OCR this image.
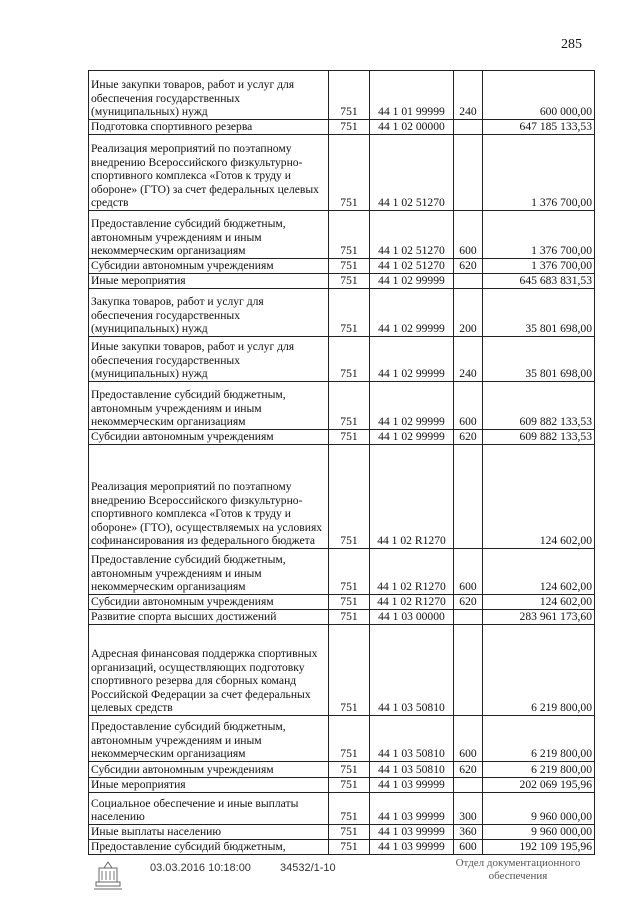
285
Иные закупки товаров, работ и услуг для обеспечения государственных (муниципальных) нужд	751	44 1 01 99999	240	600 000,00
Подготовка спортивного резерва	751	44 1 02 00000		647 185 133,53
Реализация мероприятий по поэтапному внедрению Всероссийского физкультурно-спортивного комплекса «Готов к труду и обороне» (ГТО) за счет федеральных целевых средств	751	44 1 02 51270		1 376 700,00
Предоставление субсидий бюджетным, автономным учреждениям и иным некоммерческим организациям	751	44 1 02 51270	600	1 376 700,00
Субсидии автономным учреждениям	751	44 1 02 51270	620	1 376 700,00
Иные мероприятия	751	44 1 02 99999		645 683 831,53
Закупка товаров, работ и услуг для обеспечения государственных (муниципальных) нужд	751	44 1 02 99999	200	35 801 698,00
Иные закупки товаров, работ и услуг для обеспечения государственных (муниципальных) нужд	751	44 1 02 99999	240	35 801 698,00
Предоставление субсидий бюджетным, автономным учреждениям и иным некоммерческим организациям	751	44 1 02 99999	600	609 882 133,53
Субсидии автономным учреждениям	751	44 1 02 99999	620	609 882 133,53
Реализация мероприятий по поэтапному внедрению Всероссийского физкультурно-спортивного комплекса «Готов к труду и обороне» (ГТО), осуществляемых на условиях софинансирования из федерального бюджета	751	44 1 02 R1270		124 602,00
Предоставление субсидий бюджетным, автономным учреждениям и иным некоммерческим организациям	751	44 1 02 R1270	600	124 602,00
Субсидии автономным учреждениям	751	44 1 02 R1270	620	124 602,00
Развитие спорта высших достижений	751	44 1 03 00000		283 961 173,60
Адресная финансовая поддержка спортивных организаций, осуществляющих подготовку спортивного резерва для сборных команд Российской Федерации за счет федеральных целевых средств	751	44 1 03 50810		6 219 800,00
Предоставление субсидий бюджетным, автономным учреждениям и иным некоммерческим организациям	751	44 1 03 50810	600	6 219 800,00
Субсидии автономным учреждениям	751	44 1 03 50810	620	6 219 800,00
Иные мероприятия	751	44 1 03 99999		202 069 195,96
Социальное обеспечение и иные выплаты населению	751	44 1 03 99999	300	9 960 000,00
Иные выплаты населению	751	44 1 03 99999	360	9 960 000,00
Предоставление субсидий бюджетным,	751	44 1 03 99999	600	192 109 195,96
03.03.2016 10:18:00	34532/1-10	Отдел документационного обеспечения
